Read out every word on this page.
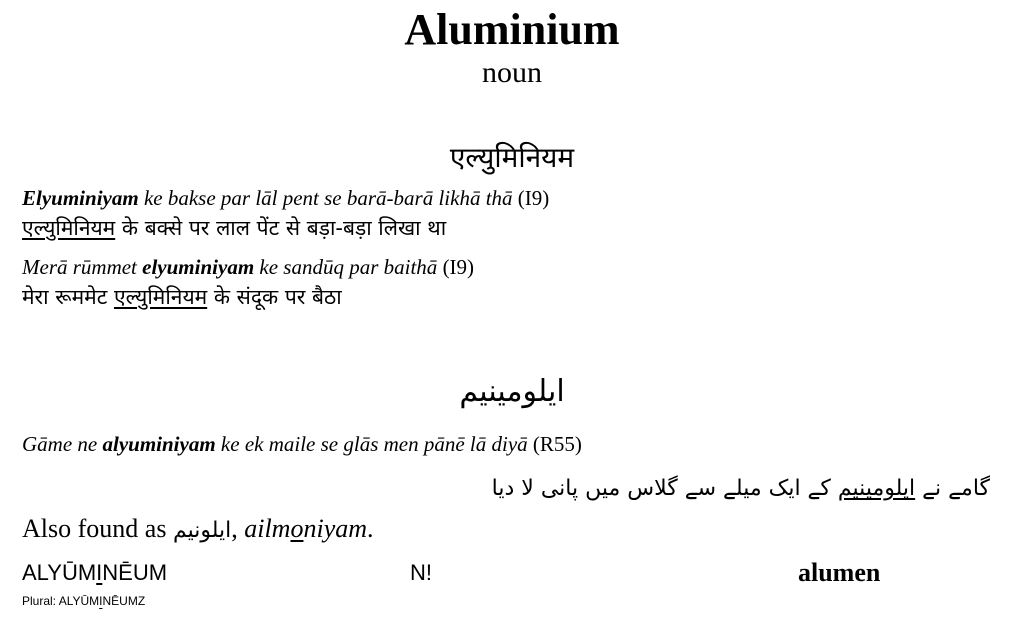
Aluminium
noun
एल्युमिनियम
Elyuminiyam ke bakse par lāl pent se barā-barā likhā thā (I9)
एल्युमिनियम के बक्से पर लाल पेंट से बड़ा-बड़ा लिखा था
Merā rūmmet elyuminiyam ke sandūq par baithā (I9)
मेरा रूममेट एल्युमिनियम के संदूक पर बैठा
ایلومینیم
Gāme ne alyuminiyam ke ek maile se glās men pānē lā diyā (R55)
گامے نے ایلومینیم کے ایک میلے سے گلاس میں پانی لا دیا
Also found as ایلونیم, ailmoniyam.
ALYŪMINĒUM	N!	alumen
Plural: ALYŪMINĒUMZ
